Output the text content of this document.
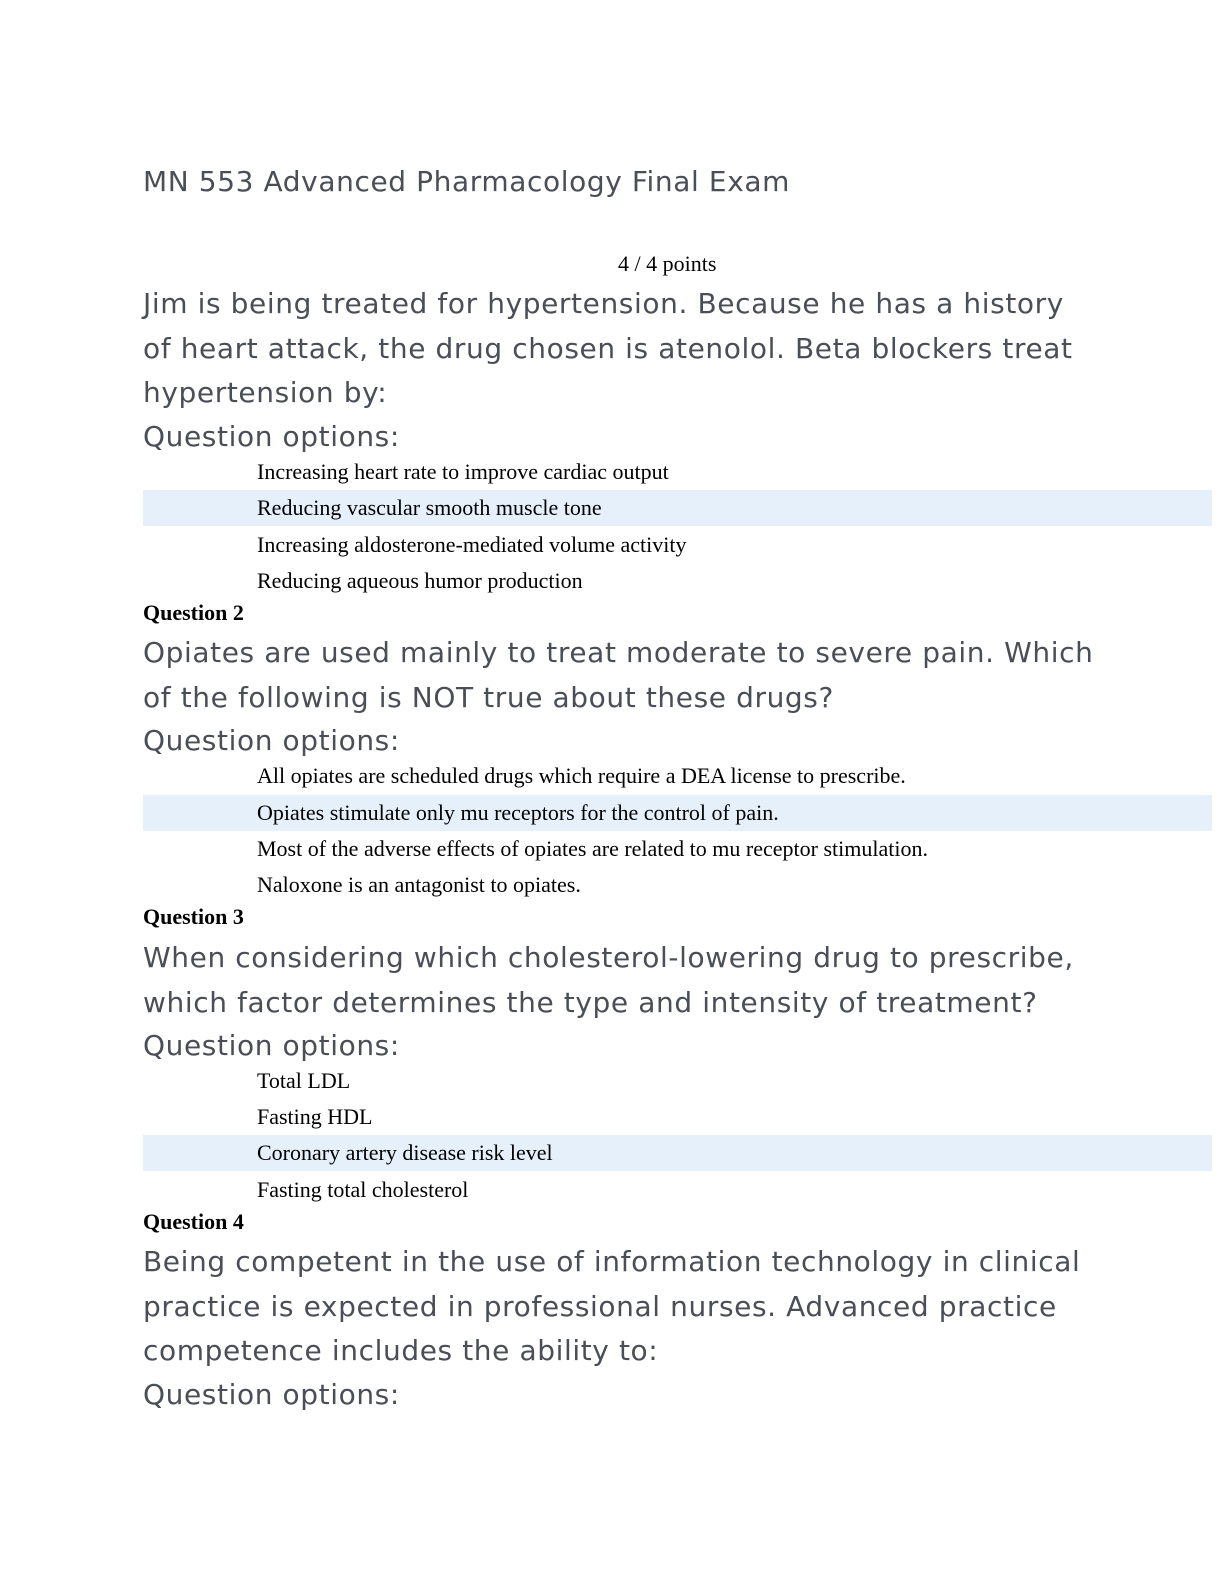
MN 553 Advanced Pharmacology Final Exam
4 / 4 points
Jim is being treated for hypertension. Because he has a history
of heart attack, the drug chosen is atenolol. Beta blockers treat
hypertension by:
Question options:
Increasing heart rate to improve cardiac output
Reducing vascular smooth muscle tone
Increasing aldosterone-mediated volume activity
Reducing aqueous humor production
Question 2
Opiates are used mainly to treat moderate to severe pain. Which
of the following is NOT true about these drugs?
Question options:
All opiates are scheduled drugs which require a DEA license to prescribe.
Opiates stimulate only mu receptors for the control of pain.
Most of the adverse effects of opiates are related to mu receptor stimulation.
Naloxone is an antagonist to opiates.
Question 3
When considering which cholesterol-lowering drug to prescribe,
which factor determines the type and intensity of treatment?
Question options:
Total LDL
Fasting HDL
Coronary artery disease risk level
Fasting total cholesterol
Question 4
Being competent in the use of information technology in clinical
practice is expected in professional nurses. Advanced practice
competence includes the ability to:
Question options:
